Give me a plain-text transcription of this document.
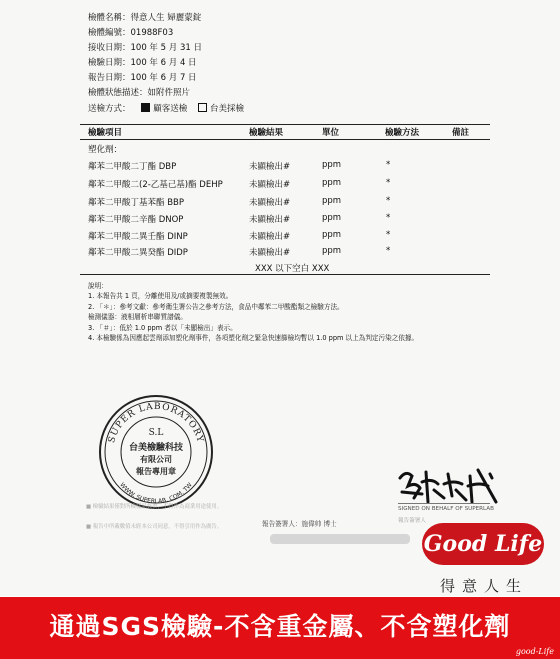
檢體名稱：得意人生 婦麗蒙錠
檢體編號：01988F03
接收日期：100 年 5 月 31 日
檢驗日期：100 年 6 月 4 日
報告日期：100 年 6 月 7 日
檢體狀態描述：如附件照片
送檢方式：	顧客送檢	台美採檢
檢驗項目	檢驗結果	單位	檢驗方法	備註
塑化劑：
鄰苯二甲酸二丁酯 DBP	未顯檢出#	ppm	*
鄰苯二甲酸二(2-乙基己基)酯 DEHP	未顯檢出#	ppm	*
鄰苯二甲酸丁基苯酯 BBP	未顯檢出#	ppm	*
鄰苯二甲酸二辛酯 DNOP	未顯檢出#	ppm	*
鄰苯二甲酸二異壬酯 DINP	未顯檢出#	ppm	*
鄰苯二甲酸二異癸酯 DIDP	未顯檢出#	ppm	*
XXX 以下空白 XXX
說明：
1. 本報告共 1 頁，分離使用及/或摘要複製無效。
2. 「＊」：參考文獻：參考衛生署公告之參考方法，食品中鄰苯二甲酸酯類之檢驗方法。
檢測儀器：液相層析串聯質譜儀。
3. 「＃」：低於 1.0 ppm 者以「未顯檢出」表示。
4. 本檢驗係為因應起雲劑添加塑化劑事件，各項塑化劑之緊急快速篩檢均暫以 1.0 ppm 以上為判定污染之依據。
SUPER LABORATORY
WWW. SUPERLAB. COM. TW
S.L
台美檢驗科技
有限公司
報告專用章
蔡文城
SIGNED ON BEHALF OF SUPERLAB
報告簽署人
■ 檢驗結果僅對所檢樣品負責，不得作為商業用途使用。
■ 報告中所載數值未經本公司同意，不得引用作為廣告。	報告簽署人：施偉帅 博士
Good Life
得意人生
通過SGS檢驗-不含重金屬、不含塑化劑
good-Life
